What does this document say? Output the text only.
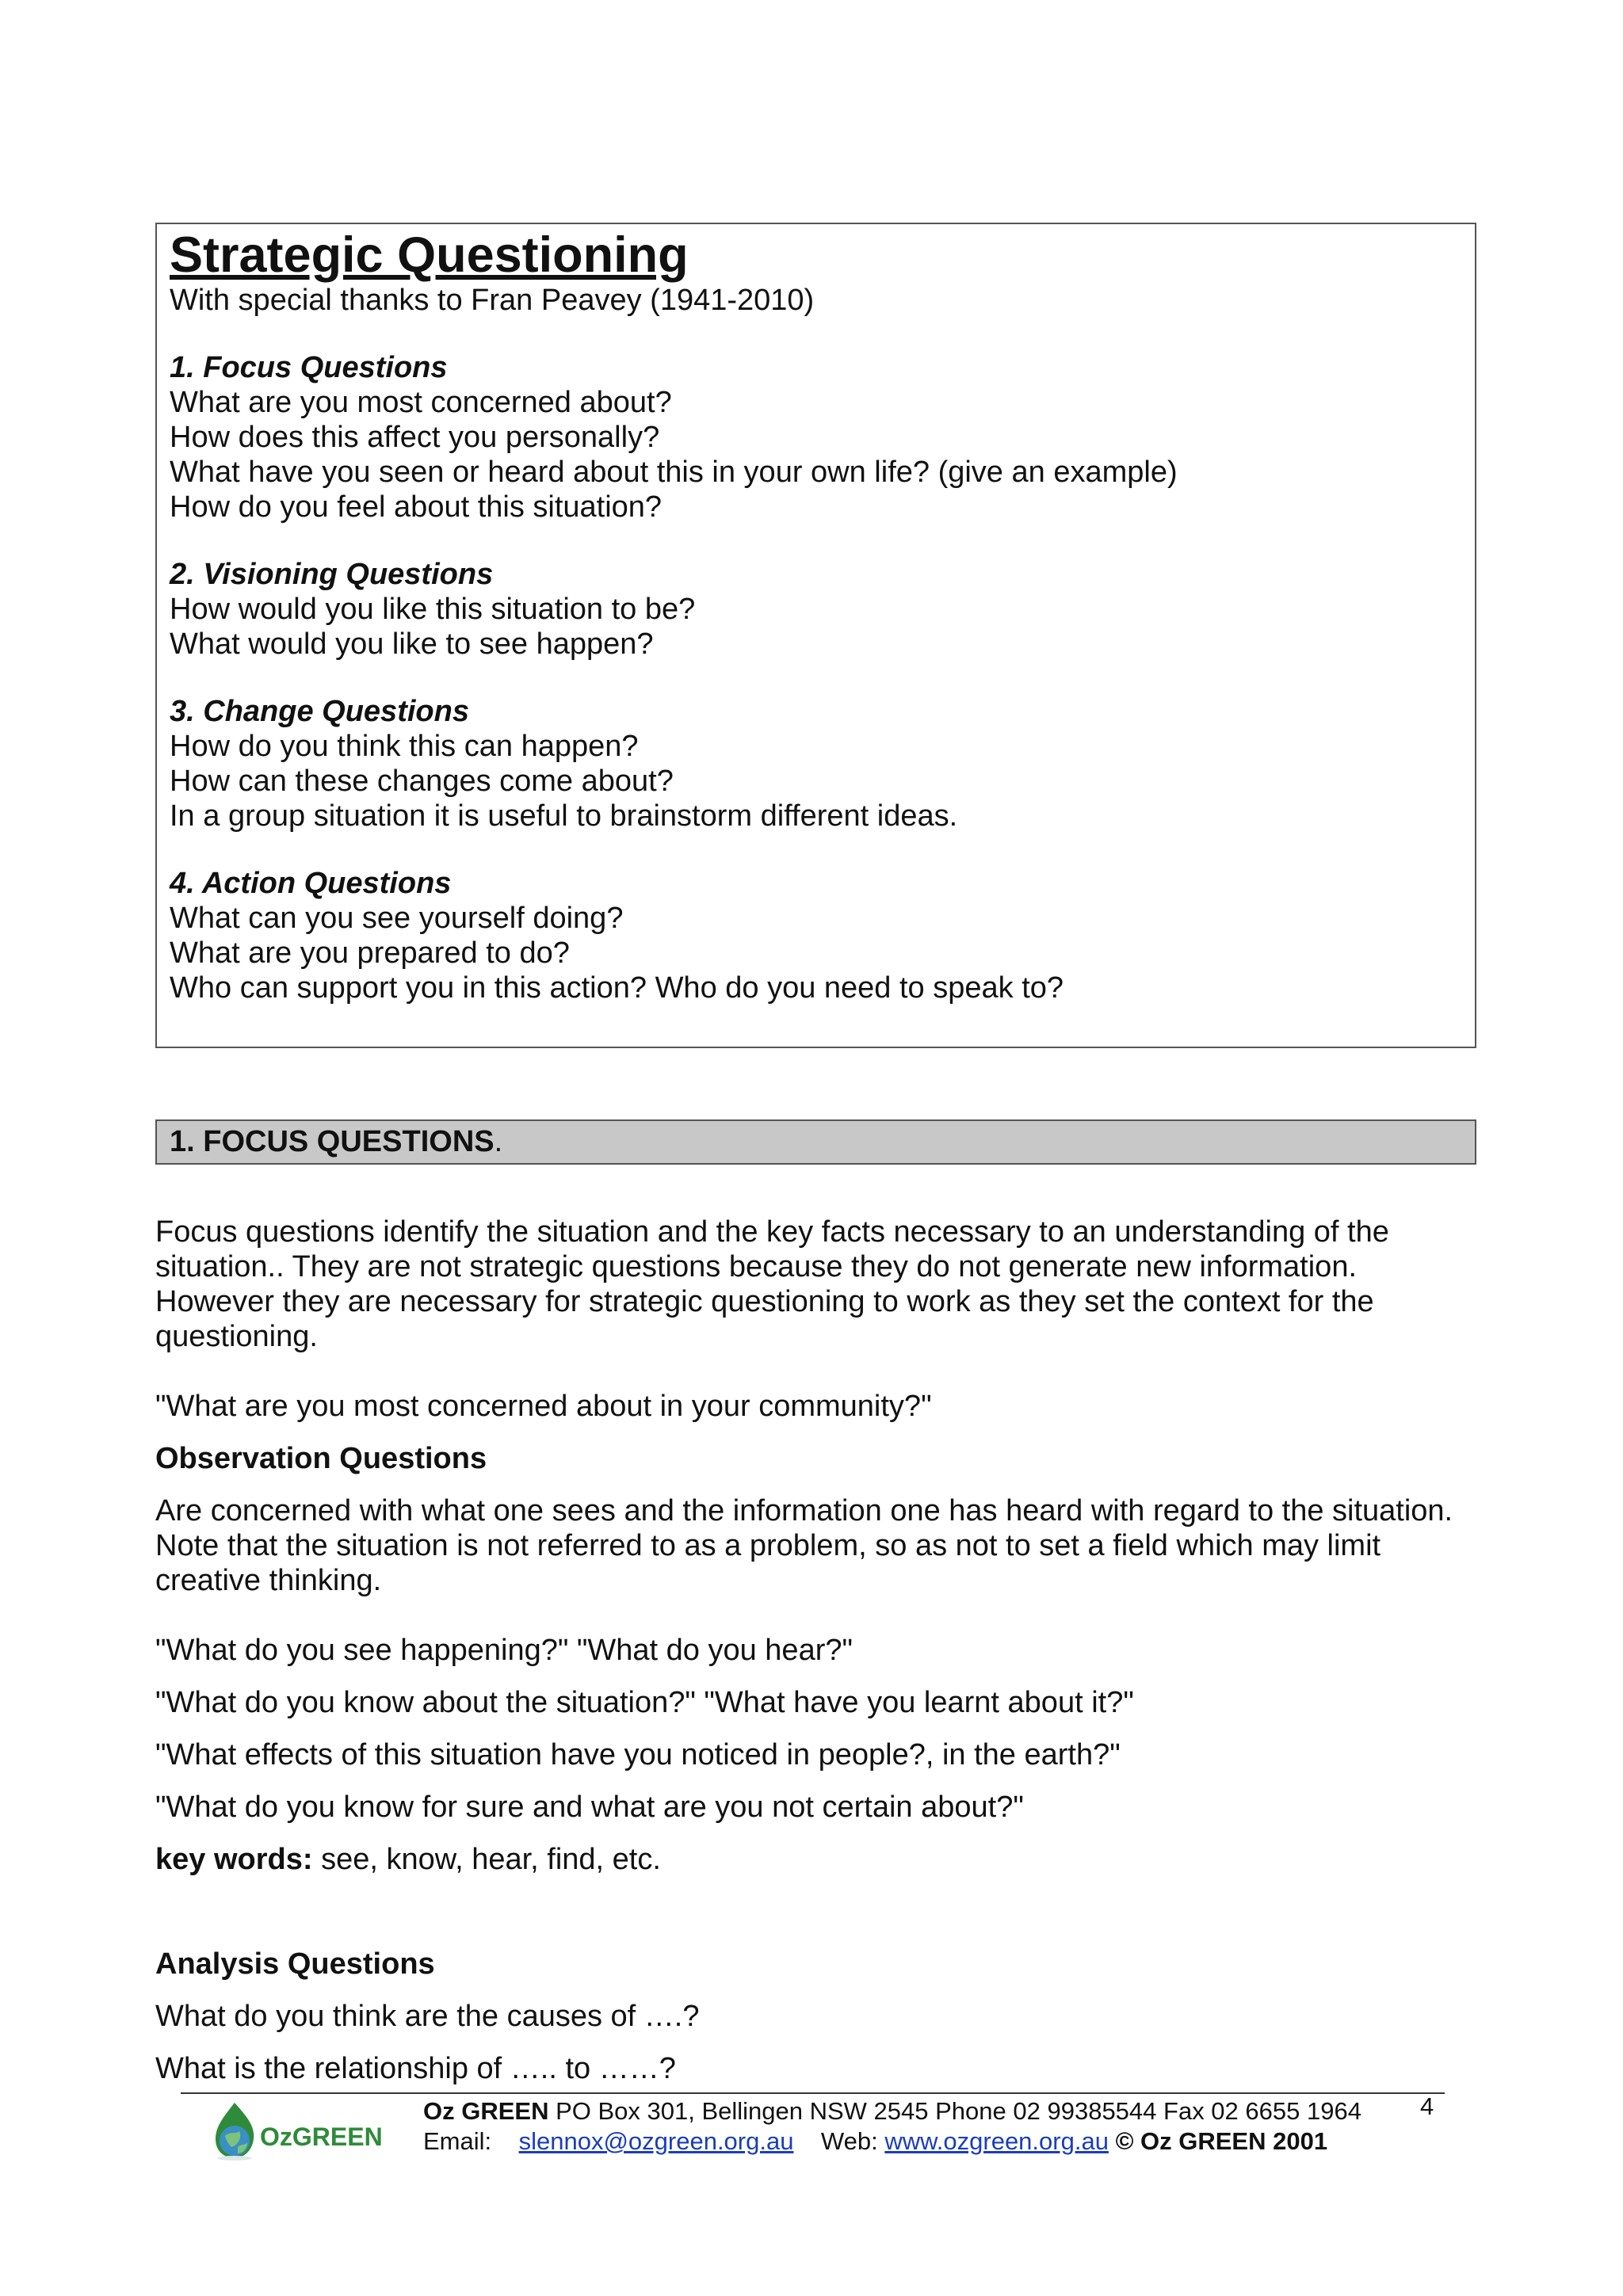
Strategic Questioning
With special thanks to Fran Peavey (1941-2010)
1. Focus Questions
What are you most concerned about?
How does this affect you personally?
What have you seen or heard about this in your own life? (give an example)
How do you feel about this situation?
2. Visioning Questions
How would you like this situation to be?
What would you like to see happen?
3. Change Questions
How do you think this can happen?
How can these changes come about?
In a group situation it is useful to brainstorm different ideas.
4. Action Questions
What can you see yourself doing?
What are you prepared to do?
Who can support you in this action? Who do you need to speak to?
1. FOCUS QUESTIONS.

Focus questions identify the situation and the key facts necessary to an understanding of the

situation.. They are not strategic questions because they do not generate new information.

However they are necessary for strategic questioning to work as they set the context for the

questioning.

"What are you most concerned about in your community?"

Observation Questions

Are concerned with what one sees and the information one has heard with regard to the situation.

Note that the situation is not referred to as a problem, so as not to set a field which may limit

creative thinking.

"What do you see happening?" "What do you hear?"

"What do you know about the situation?" "What have you learnt about it?"

"What effects of this situation have you noticed in people?, in the earth?"

"What do you know for sure and what are you not certain about?"

key words: see, know, hear, find, etc.

Analysis Questions

What do you think are the causes of ….?

What is the relationship of ….. to ……?

OzGREEN
Oz GREEN PO Box 301, Bellingen NSW 2545 Phone 02 99385544 Fax 02 6655 1964
Email: slennox@ozgreen.org.au Web: www.ozgreen.org.au © Oz GREEN 2001
4
